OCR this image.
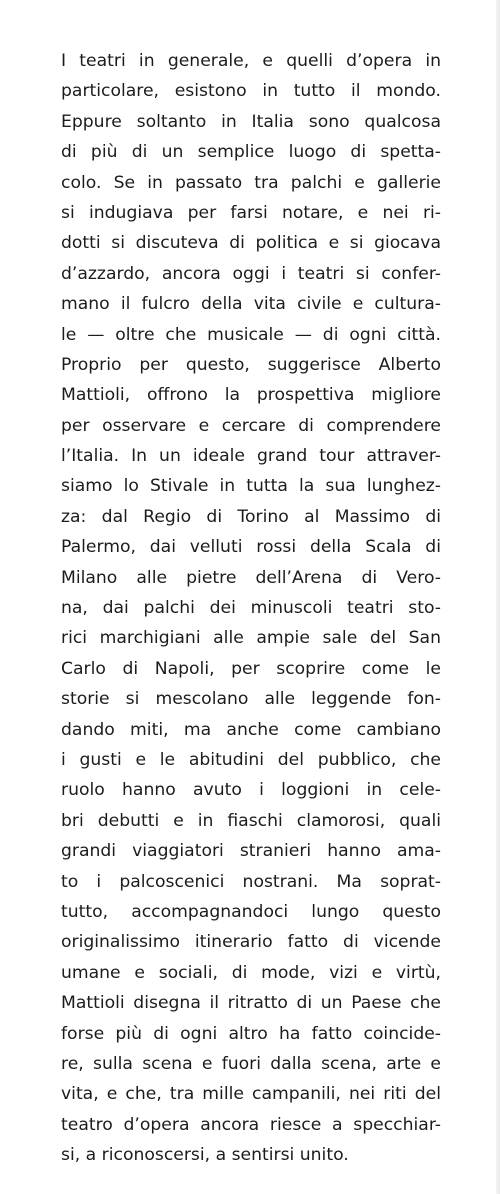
I teatri in generale, e quelli d’opera in
particolare, esistono in tutto il mondo.
Eppure soltanto in Italia sono qualcosa
di più di un semplice luogo di spetta-
colo. Se in passato tra palchi e gallerie
si indugiava per farsi notare, e nei ri-
dotti si discuteva di politica e si giocava
d’azzardo, ancora oggi i teatri si confer-
mano il fulcro della vita civile e cultura-
le — oltre che musicale — di ogni città.
Proprio per questo, suggerisce Alberto
Mattioli, offrono la prospettiva migliore
per osservare e cercare di comprendere
l’Italia. In un ideale grand tour attraver-
siamo lo Stivale in tutta la sua lunghez-
za: dal Regio di Torino al Massimo di
Palermo, dai velluti rossi della Scala di
Milano alle pietre dell’Arena di Vero-
na, dai palchi dei minuscoli teatri sto-
rici marchigiani alle ampie sale del San
Carlo di Napoli, per scoprire come le
storie si mescolano alle leggende fon-
dando miti, ma anche come cambiano
i gusti e le abitudini del pubblico, che
ruolo hanno avuto i loggioni in cele-
bri debutti e in fiaschi clamorosi, quali
grandi viaggiatori stranieri hanno ama-
to i palcoscenici nostrani. Ma soprat-
tutto, accompagnandoci lungo questo
originalissimo itinerario fatto di vicende
umane e sociali, di mode, vizi e virtù,
Mattioli disegna il ritratto di un Paese che
forse più di ogni altro ha fatto coincide-
re, sulla scena e fuori dalla scena, arte e
vita, e che, tra mille campanili, nei riti del
teatro d’opera ancora riesce a specchiar-
si, a riconoscersi, a sentirsi unito.
